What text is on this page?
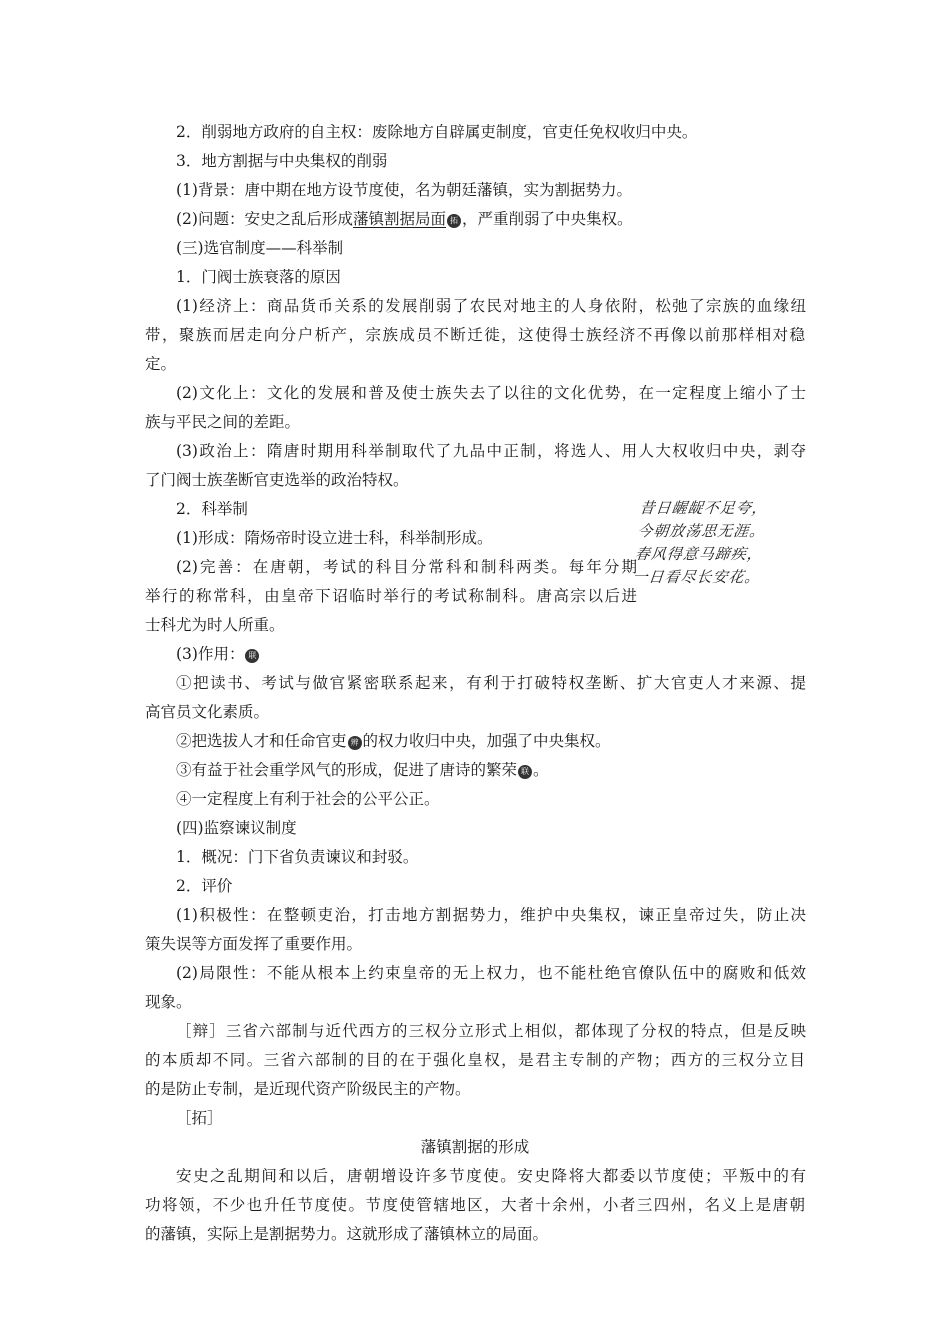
2．削弱地方政府的自主权：废除地方自辟属吏制度，官吏任免权收归中央。
3．地方割据与中央集权的削弱
(1)背景：唐中期在地方设节度使，名为朝廷藩镇，实为割据势力。
(2)问题：安史之乱后形成藩镇割据局面 拓 ，严重削弱了中央集权。
(三)选官制度——科举制
1．门阀士族衰落的原因
(1)经济上：商品货币关系的发展削弱了农民对地主的人身依附，松弛了宗族的血缘纽
带，聚族而居走向分户析产，宗族成员不断迁徙，这使得士族经济不再像以前那样相对稳
定。
(2)文化上：文化的发展和普及使士族失去了以往的文化优势，在一定程度上缩小了士
族与平民之间的差距。
(3)政治上：隋唐时期用科举制取代了九品中正制，将选人、用人大权收归中央，剥夺
了门阀士族垄断官吏选举的政治特权。
2．科举制
(1)形成：隋炀帝时设立进士科，科举制形成。
(2)完善：在唐朝，考试的科目分常科和制科两类。每年分期
举行的称常科，由皇帝下诏临时举行的考试称制科。唐高宗以后进
士科尤为时人所重。
昔日龌龊不足夸，
今朝放荡思无涯。
春风得意马蹄疾，
一日看尽长安花。
(3)作用： 联
①把读书、考试与做官紧密联系起来，有利于打破特权垄断、扩大官吏人才来源、提
高官员文化素质。
②把选拔人才和任命官吏 辨 的权力收归中央，加强了中央集权。
③有益于社会重学风气的形成，促进了唐诗的繁荣 联 。
④一定程度上有利于社会的公平公正。
(四)监察谏议制度
1．概况：门下省负责谏议和封驳。
2．评价
(1)积极性：在整顿吏治，打击地方割据势力，维护中央集权，谏正皇帝过失，防止决
策失误等方面发挥了重要作用。
(2)局限性：不能从根本上约束皇帝的无上权力，也不能杜绝官僚队伍中的腐败和低效
现象。
［辩］三省六部制与近代西方的三权分立形式上相似，都体现了分权的特点，但是反映
的本质却不同。三省六部制的目的在于强化皇权，是君主专制的产物；西方的三权分立目
的是防止专制，是近现代资产阶级民主的产物。
［拓］
藩镇割据的形成
安史之乱期间和以后，唐朝增设许多节度使。安史降将大都委以节度使；平叛中的有
功将领，不少也升任节度使。节度使管辖地区，大者十余州，小者三四州，名义上是唐朝
的藩镇，实际上是割据势力。这就形成了藩镇林立的局面。
